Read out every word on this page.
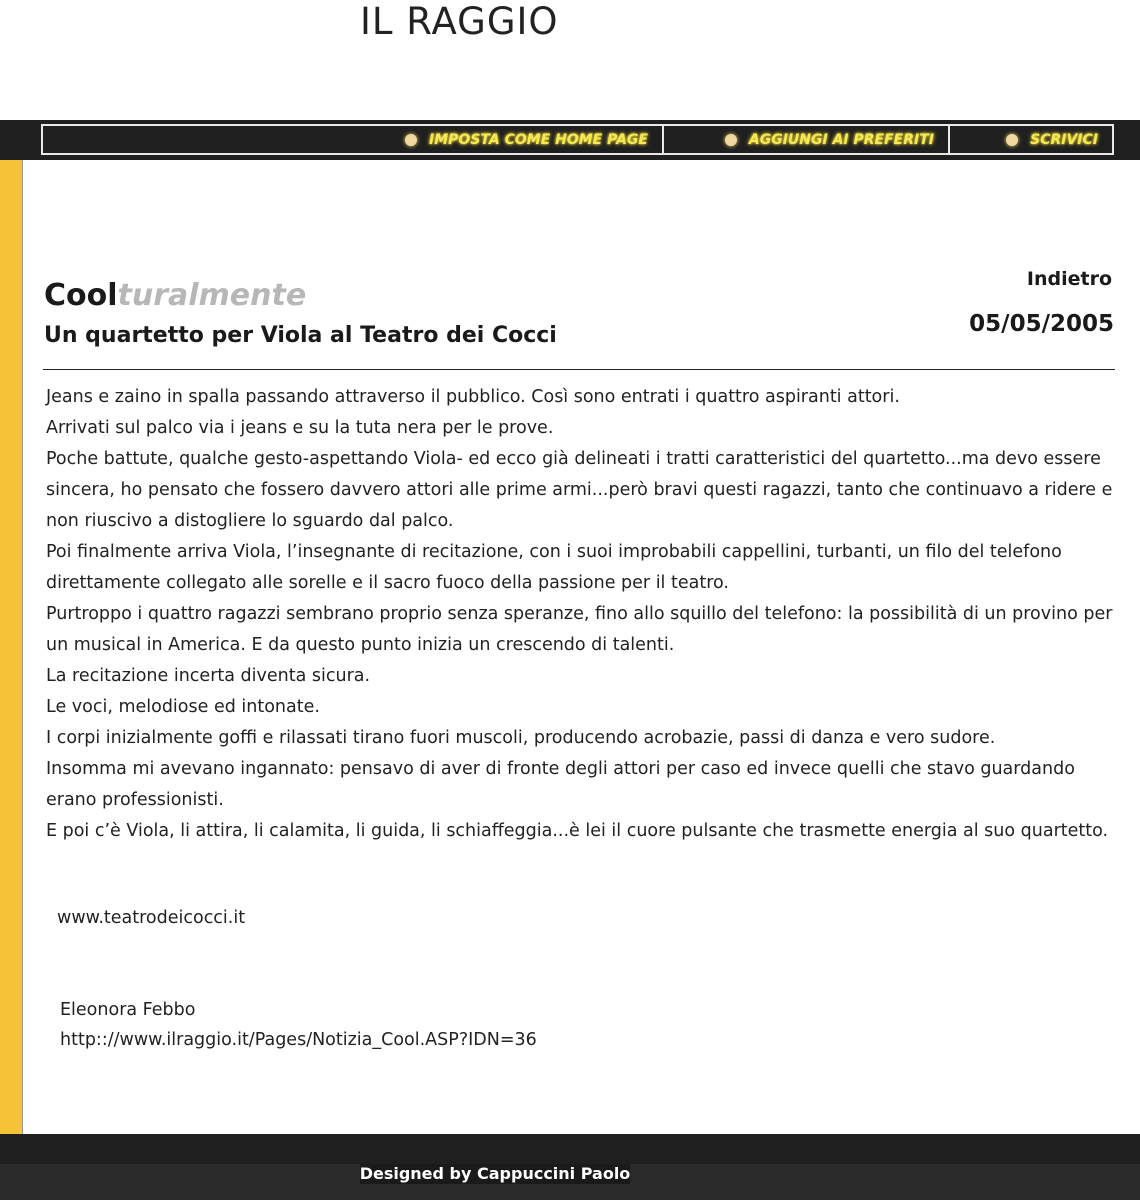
IL RAGGIO
IMPOSTA COME HOME PAGE	AGGIUNGI AI PREFERITI	SCRIVICI
Coolturalmente
Un quartetto per Viola al Teatro dei Cocci
Indietro
05/05/2005

Jeans e zaino in spalla passando attraverso il pubblico. Così sono entrati i quattro aspiranti attori.

Arrivati sul palco via i jeans e su la tuta nera per le prove.

Poche battute, qualche gesto-aspettando Viola- ed ecco già delineati i tratti caratteristici del quartetto...ma devo essere sincera, ho pensato che fossero davvero attori alle prime armi...però bravi questi ragazzi, tanto che continuavo a ridere e non riuscivo a distogliere lo sguardo dal palco.

Poi finalmente arriva Viola, l’insegnante di recitazione, con i suoi improbabili cappellini, turbanti, un filo del telefono direttamente collegato alle sorelle e il sacro fuoco della passione per il teatro.

Purtroppo i quattro ragazzi sembrano proprio senza speranze, fino allo squillo del telefono: la possibilità di un provino per un musical in America. E da questo punto inizia un crescendo di talenti.

La recitazione incerta diventa sicura.

Le voci, melodiose ed intonate.

I corpi inizialmente goffi e rilassati tirano fuori muscoli, producendo acrobazie, passi di danza e vero sudore.

Insomma mi avevano ingannato: pensavo di aver di fronte degli attori per caso ed invece quelli che stavo guardando erano professionisti.

E poi c’è Viola, li attira, li calamita, li guida, li schiaffeggia...è lei il cuore pulsante che trasmette energia al suo quartetto.

www.teatrodeicocci.it
Eleonora Febbo
http:://www.ilraggio.it/Pages/Notizia_Cool.ASP?IDN=36
Designed by Cappuccini Paolo
